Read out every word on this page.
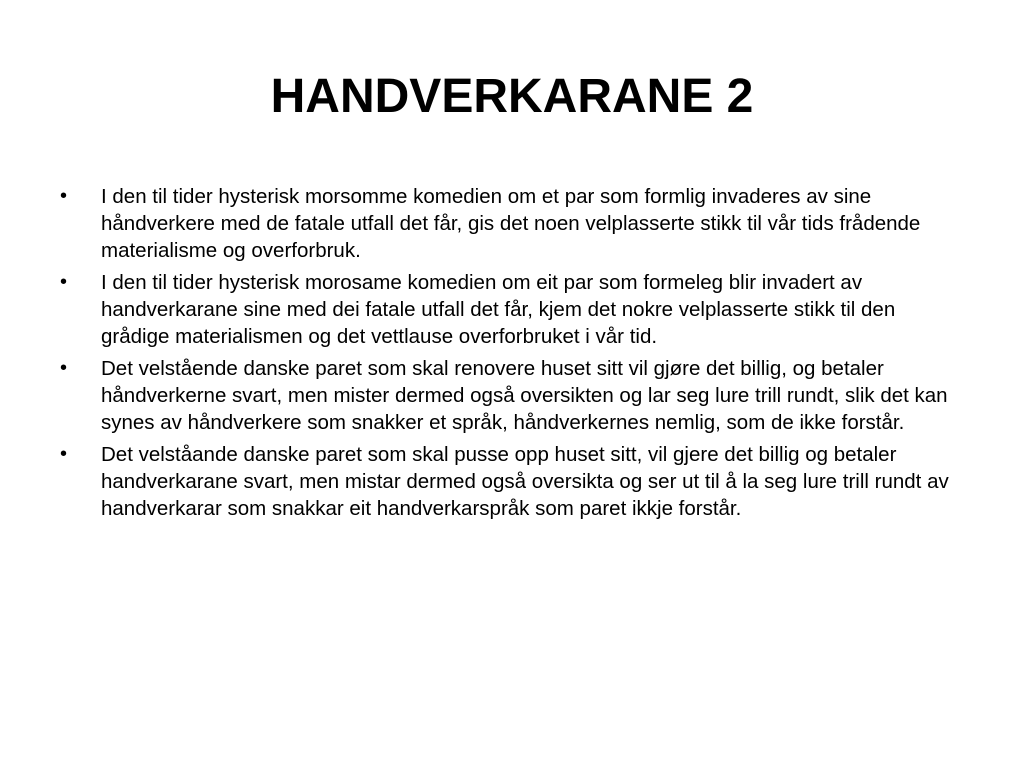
HANDVERKARANE 2
•	I den til tider hysterisk morsomme komedien om et par som formlig invaderes av sine håndverkere med de fatale utfall det får, gis det noen velplasserte stikk til vår tids frådende materialisme og overforbruk.
•	I den til tider hysterisk morosame komedien om eit par som formeleg blir invadert av handverkarane sine med dei fatale utfall det får, kjem det nokre velplasserte stikk til den grådige materialismen og det vettlause overforbruket i vår tid.
•	Det velstående danske paret som skal renovere huset sitt vil gjøre det billig, og betaler håndverkerne svart, men mister dermed også oversikten og lar seg lure trill rundt, slik det kan synes av håndverkere som snakker et språk, håndverkernes nemlig, som de ikke forstår.
•	Det velståande danske paret som skal pusse opp huset sitt, vil gjere det billig og betaler handverkarane svart, men mistar dermed også oversikta og ser ut til å la seg lure trill rundt av handverkarar som snakkar eit handverkarspråk som paret ikkje forstår.
